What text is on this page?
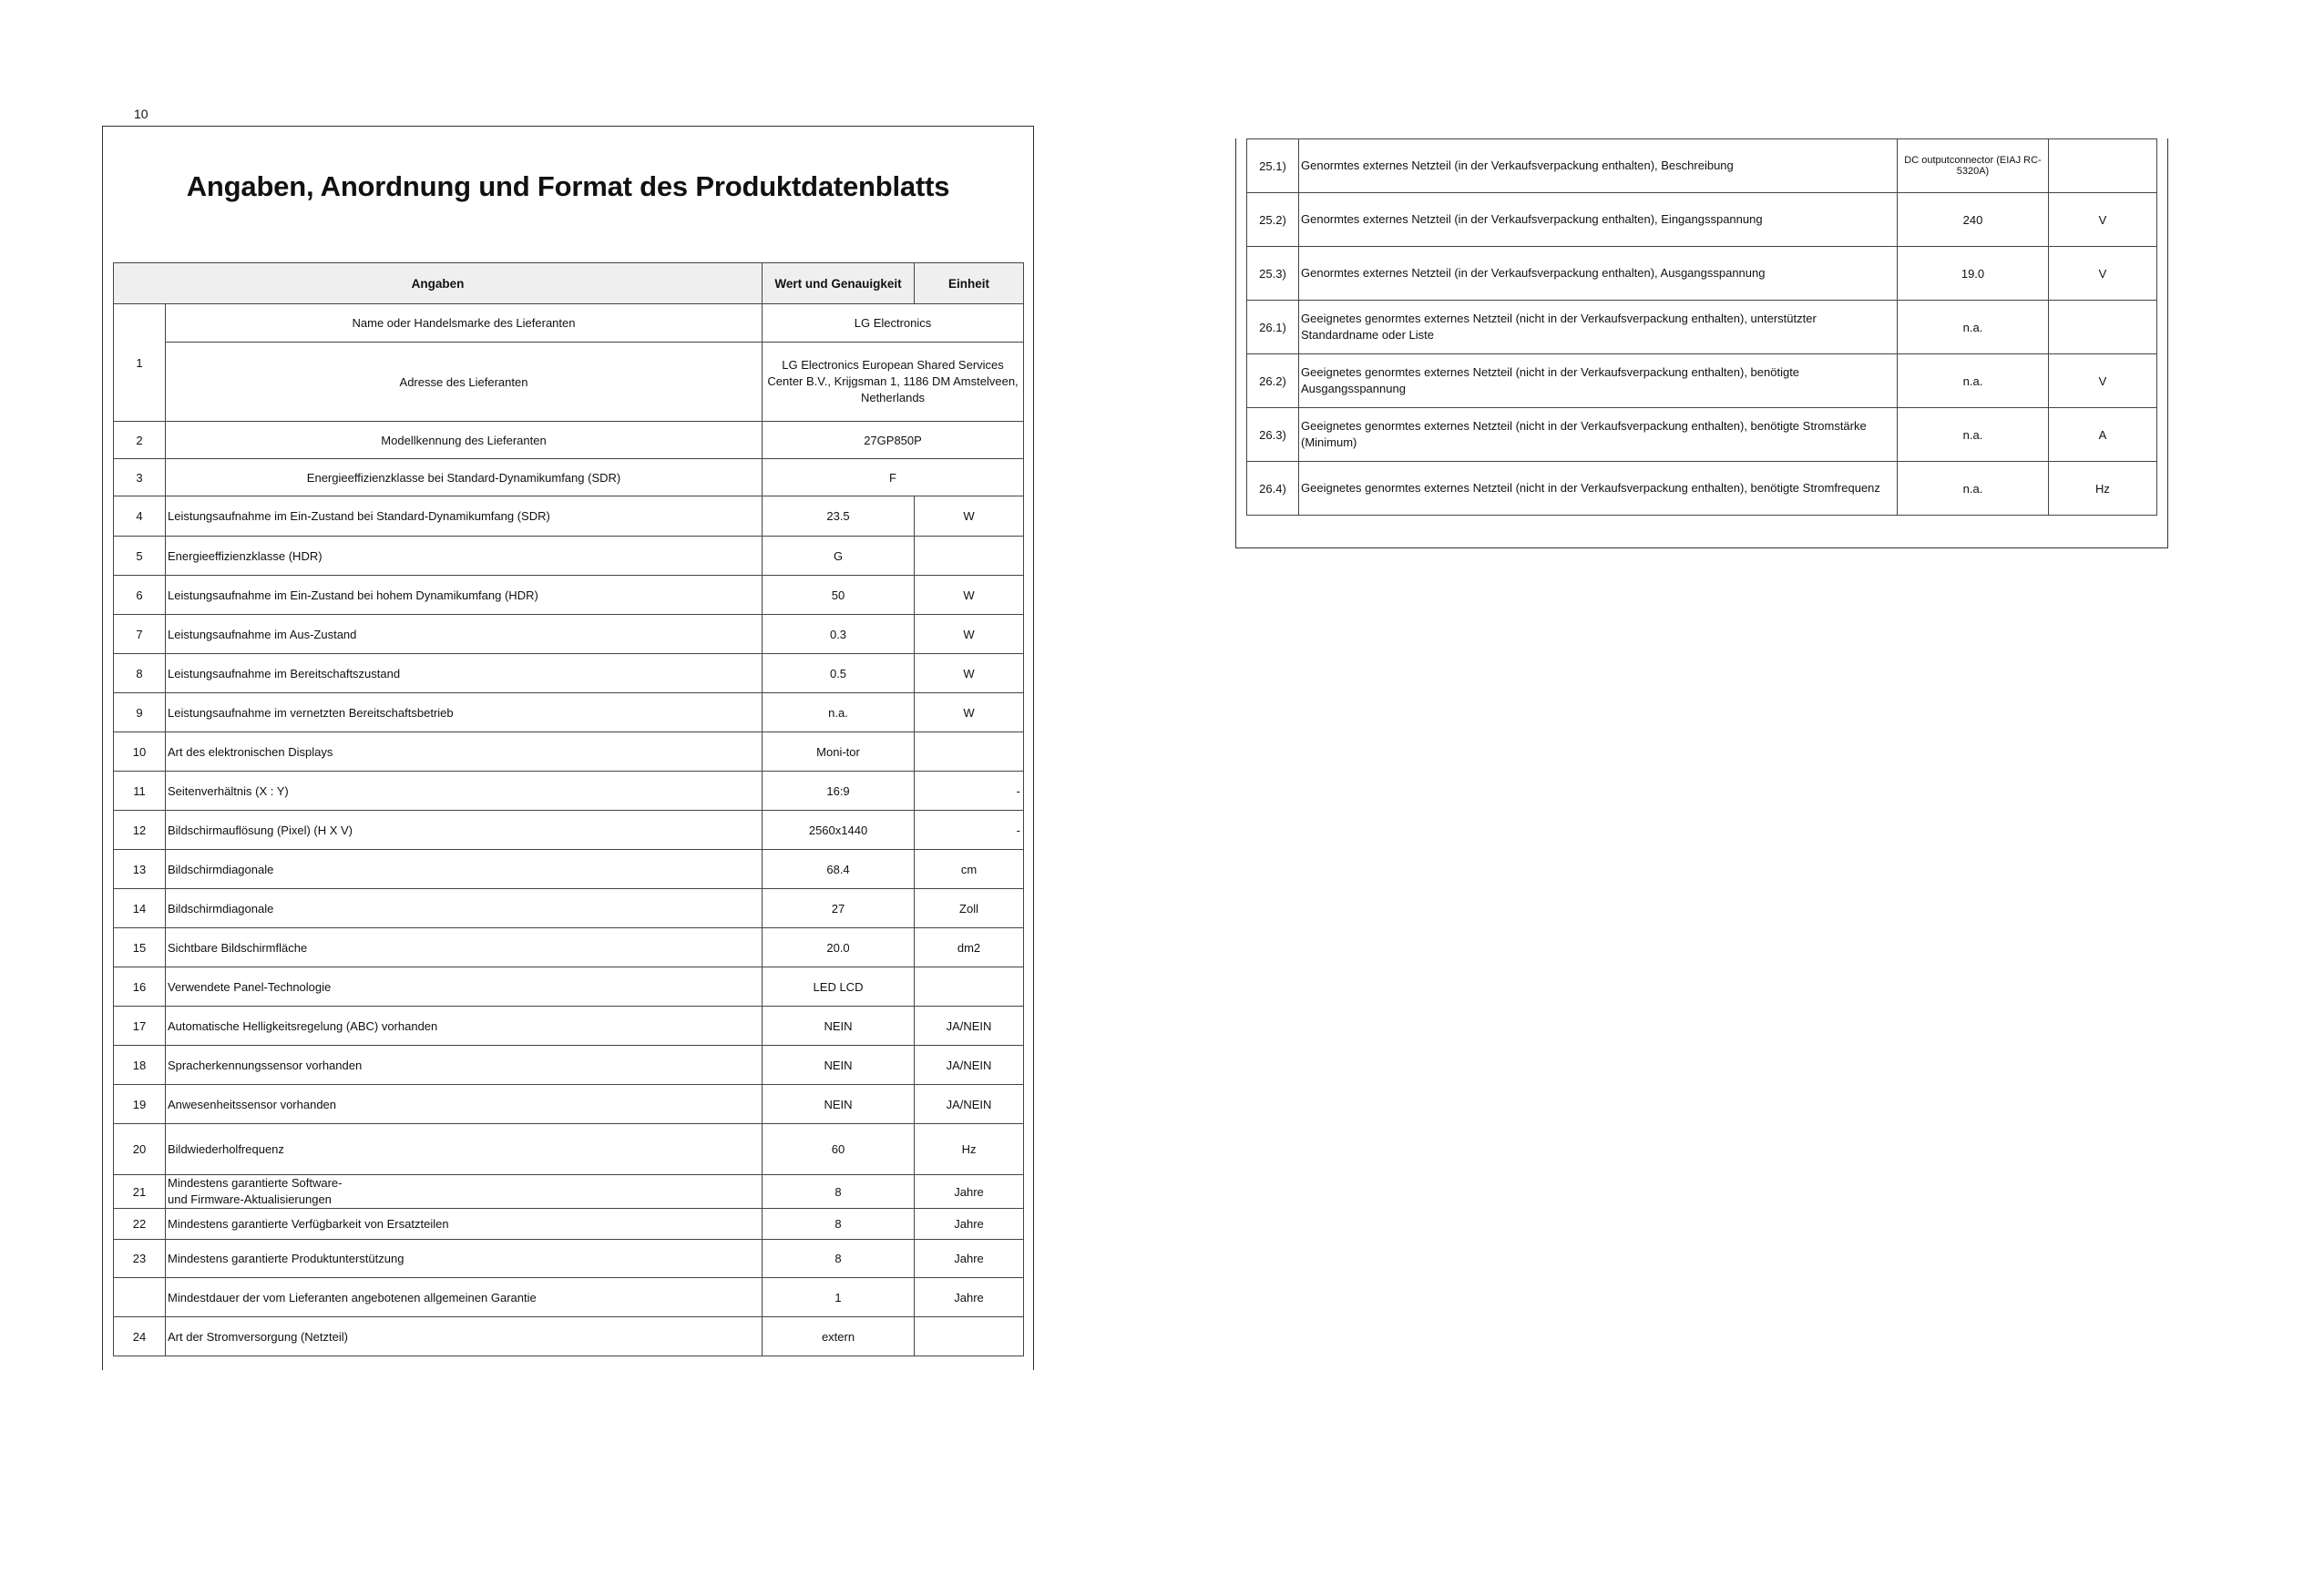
10
Angaben, Anordnung und Format des Produktdatenblatts
Angaben		Wert und Genauigkeit	Einheit
1	Name oder Handelsmarke des Lieferanten	LG Electronics	
	Adresse des Lieferanten	LG Electronics European Shared Services Center B.V., Krijgsman 1, 1186 DM Amstelveen, Netherlands	
2	Modellkennung des Lieferanten	27GP850P	
3	Energieeffizienzklasse bei Standard-Dynamikumfang (SDR)	F	
4	Leistungsaufnahme im Ein-Zustand bei Standard-Dynamikumfang (SDR)	23.5	W
5	Energieeffizienzklasse (HDR)	G	
6	Leistungsaufnahme im Ein-Zustand bei hohem Dynamikumfang (HDR)	50	W
7	Leistungsaufnahme im Aus-Zustand	0.3	W
8	Leistungsaufnahme im Bereitschaftszustand	0.5	W
9	Leistungsaufnahme im vernetzten Bereitschaftsbetrieb	n.a.	W
10	Art des elektronischen Displays	Moni-tor	
11	Seitenverhältnis (X : Y)	16:9	-
12	Bildschirmauflösung (Pixel) (H X V)	2560x1440	-
13	Bildschirmdiagonale	68.4	cm
14	Bildschirmdiagonale	27	Zoll
15	Sichtbare Bildschirmfläche	20.0	dm2
16	Verwendete Panel-Technologie	LED LCD	
17	Automatische Helligkeitsregelung (ABC) vorhanden	NEIN	JA/NEIN
18	Spracherkennungssensor vorhanden	NEIN	JA/NEIN
19	Anwesenheitssensor vorhanden	NEIN	JA/NEIN
20	Bildwiederholfrequenz	60	Hz
21	Mindestens garantierte Software- und Firmware-Aktualisierungen	8	Jahre
22	Mindestens garantierte Verfügbarkeit von Ersatzteilen	8	Jahre
23	Mindestens garantierte Produktunterstützung	8	Jahre
	Mindestdauer der vom Lieferanten angebotenen allgemeinen Garantie	1	Jahre
24	Art der Stromversorgung (Netzteil)	extern	
25.1)	Genormtes externes Netzteil (in der Verkaufsverpackung enthalten), Beschreibung	DC outputconnector (EIAJ RC-5320A)	
25.2)	Genormtes externes Netzteil (in der Verkaufsverpackung enthalten), Eingangsspannung	240	V
25.3)	Genormtes externes Netzteil (in der Verkaufsverpackung enthalten), Ausgangsspannung	19.0	V
26.1)	Geeignetes genormtes externes Netzteil (nicht in der Verkaufsverpackung enthalten), unterstützter Standardname oder Liste	n.a.	
26.2)	Geeignetes genormtes externes Netzteil (nicht in der Verkaufsverpackung enthalten), benötigte Ausgangsspannung	n.a.	V
26.3)	Geeignetes genormtes externes Netzteil (nicht in der Verkaufsverpackung enthalten), benötigte Stromstärke (Minimum)	n.a.	A
26.4)	Geeignetes genormtes externes Netzteil (nicht in der Verkaufsverpackung enthalten), benötigte Stromfrequenz	n.a.	Hz
